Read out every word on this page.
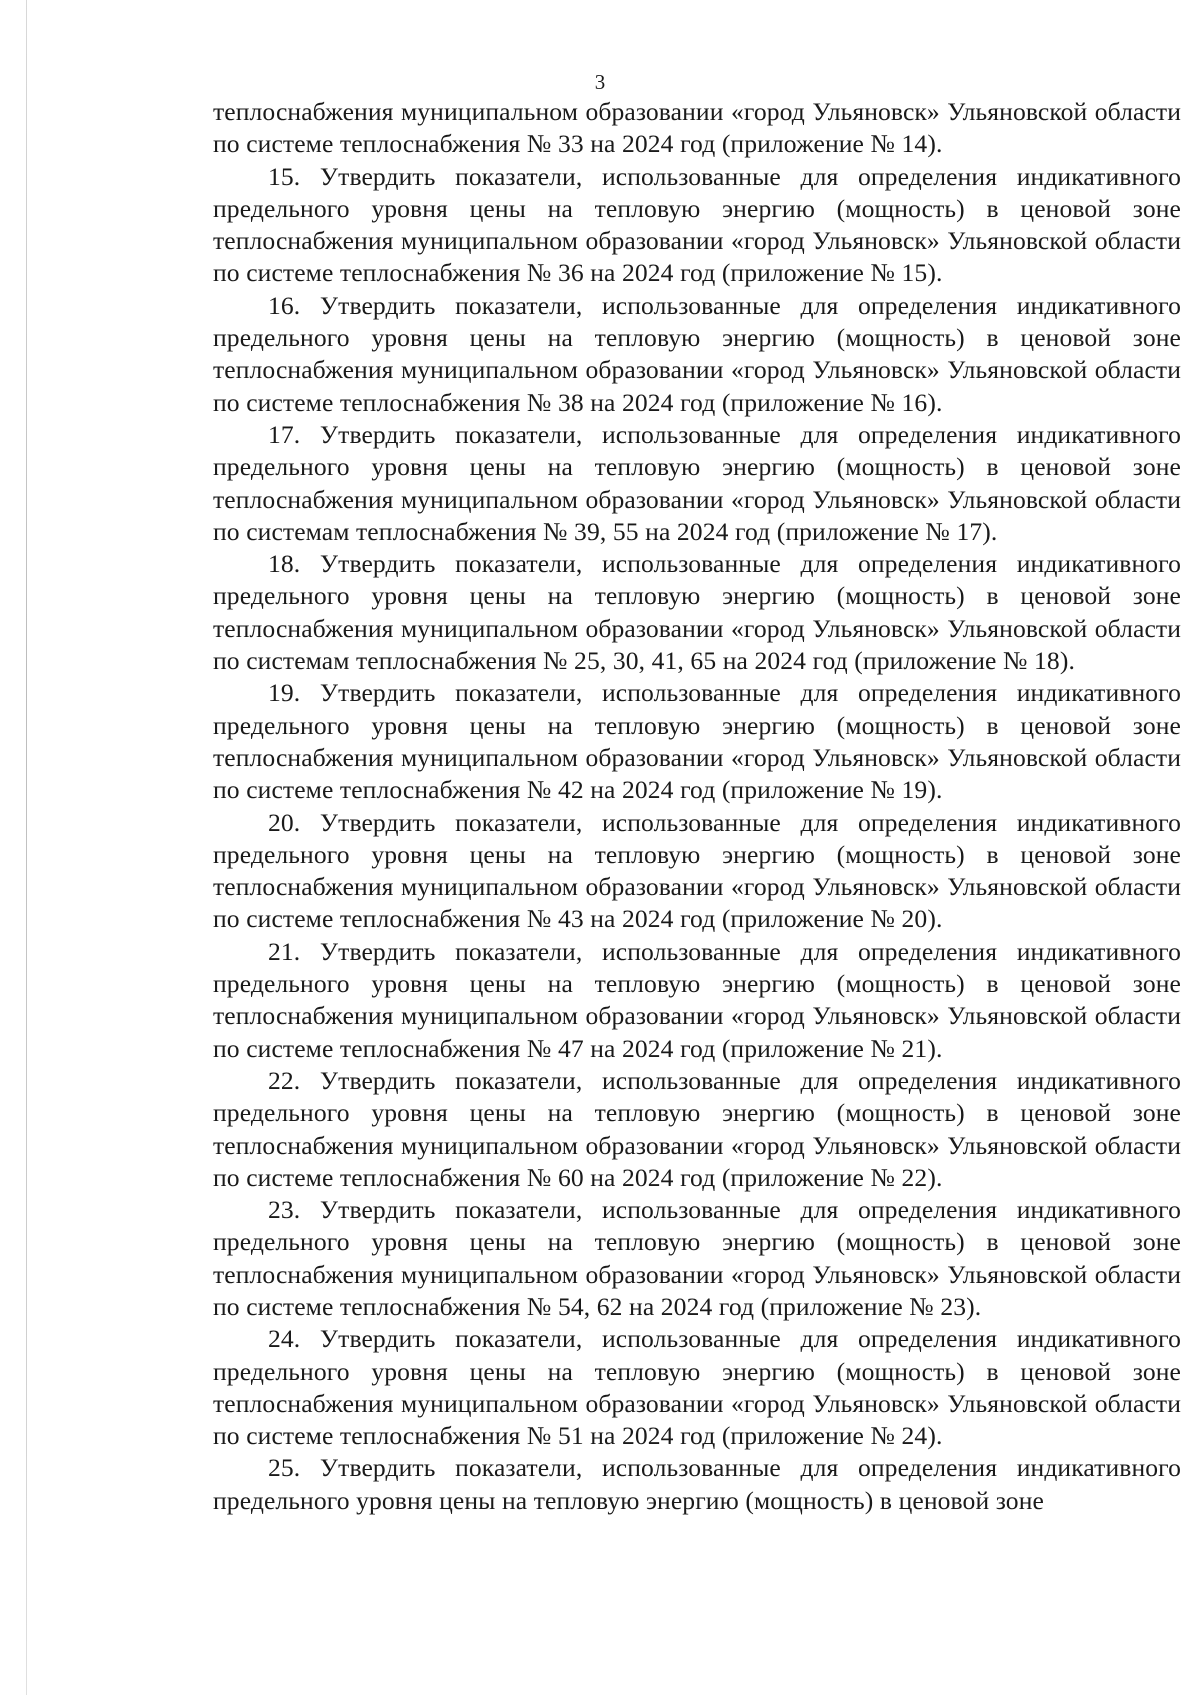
3

теплоснабжения муниципальном образовании «город Ульяновск» Ульяновской области по системе теплоснабжения № 33 на 2024 год (приложение № 14).

15. Утвердить показатели, использованные для определения индикативного предельного уровня цены на тепловую энергию (мощность) в ценовой зоне теплоснабжения муниципальном образовании «город Ульяновск» Ульяновской области по системе теплоснабжения № 36 на 2024 год (приложение № 15).

16. Утвердить показатели, использованные для определения индикативного предельного уровня цены на тепловую энергию (мощность) в ценовой зоне теплоснабжения муниципальном образовании «город Ульяновск» Ульяновской области по системе теплоснабжения № 38 на 2024 год (приложение № 16).

17. Утвердить показатели, использованные для определения индикативного предельного уровня цены на тепловую энергию (мощность) в ценовой зоне теплоснабжения муниципальном образовании «город Ульяновск» Ульяновской области по системам теплоснабжения № 39, 55 на 2024 год (приложение № 17).

18. Утвердить показатели, использованные для определения индикативного предельного уровня цены на тепловую энергию (мощность) в ценовой зоне теплоснабжения муниципальном образовании «город Ульяновск» Ульяновской области по системам теплоснабжения № 25, 30, 41, 65 на 2024 год (приложение № 18).

19. Утвердить показатели, использованные для определения индикативного предельного уровня цены на тепловую энергию (мощность) в ценовой зоне теплоснабжения муниципальном образовании «город Ульяновск» Ульяновской области по системе теплоснабжения № 42 на 2024 год (приложение № 19).

20. Утвердить показатели, использованные для определения индикативного предельного уровня цены на тепловую энергию (мощность) в ценовой зоне теплоснабжения муниципальном образовании «город Ульяновск» Ульяновской области по системе теплоснабжения № 43 на 2024 год (приложение № 20).

21. Утвердить показатели, использованные для определения индикативного предельного уровня цены на тепловую энергию (мощность) в ценовой зоне теплоснабжения муниципальном образовании «город Ульяновск» Ульяновской области по системе теплоснабжения № 47 на 2024 год (приложение № 21).

22. Утвердить показатели, использованные для определения индикативного предельного уровня цены на тепловую энергию (мощность) в ценовой зоне теплоснабжения муниципальном образовании «город Ульяновск» Ульяновской области по системе теплоснабжения № 60 на 2024 год (приложение № 22).

23. Утвердить показатели, использованные для определения индикативного предельного уровня цены на тепловую энергию (мощность) в ценовой зоне теплоснабжения муниципальном образовании «город Ульяновск» Ульяновской области по системе теплоснабжения № 54, 62 на 2024 год (приложение № 23).

24. Утвердить показатели, использованные для определения индикативного предельного уровня цены на тепловую энергию (мощность) в ценовой зоне теплоснабжения муниципальном образовании «город Ульяновск» Ульяновской области по системе теплоснабжения № 51 на 2024 год (приложение № 24).

25. Утвердить показатели, использованные для определения индикативного предельного уровня цены на тепловую энергию (мощность) в ценовой зоне
